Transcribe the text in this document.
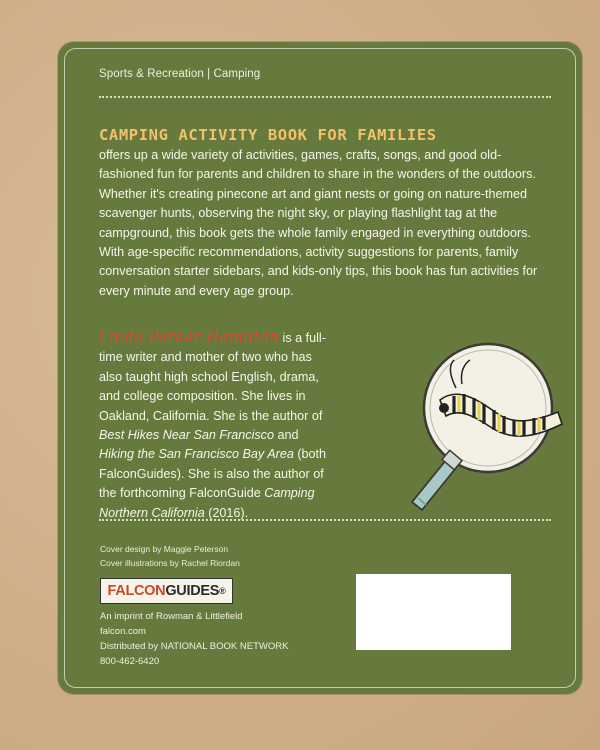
Sports & Recreation | Camping
CAMPING ACTIVITY BOOK FOR FAMILIES
offers up a wide variety of activities, games, crafts, songs, and good old-fashioned fun for parents and children to share in the wonders of the outdoors. Whether it's creating pinecone art and giant nests or going on nature-themed scavenger hunts, observing the night sky, or playing flashlight tag at the campground, this book gets the whole family engaged in everything outdoors. With age-specific recommendations, activity suggestions for parents, family conversation starter sidebars, and kids-only tips, this book has fun activities for every minute and every age group.
Linda Parker Hamilton is a full-time writer and mother of two who has also taught high school English, drama, and college composition. She lives in Oakland, California. She is the author of Best Hikes Near San Francisco and Hiking the San Francisco Bay Area (both FalconGuides). She is also the author of the forthcoming FalconGuide Camping Northern California (2016).
Cover design by Maggie Peterson
Cover illustrations by Rachel Riordan
FALCON GUIDES ®
An imprint of Rowman & Littlefield
falcon.com
Distributed by NATIONAL BOOK NETWORK
800-462-6420
